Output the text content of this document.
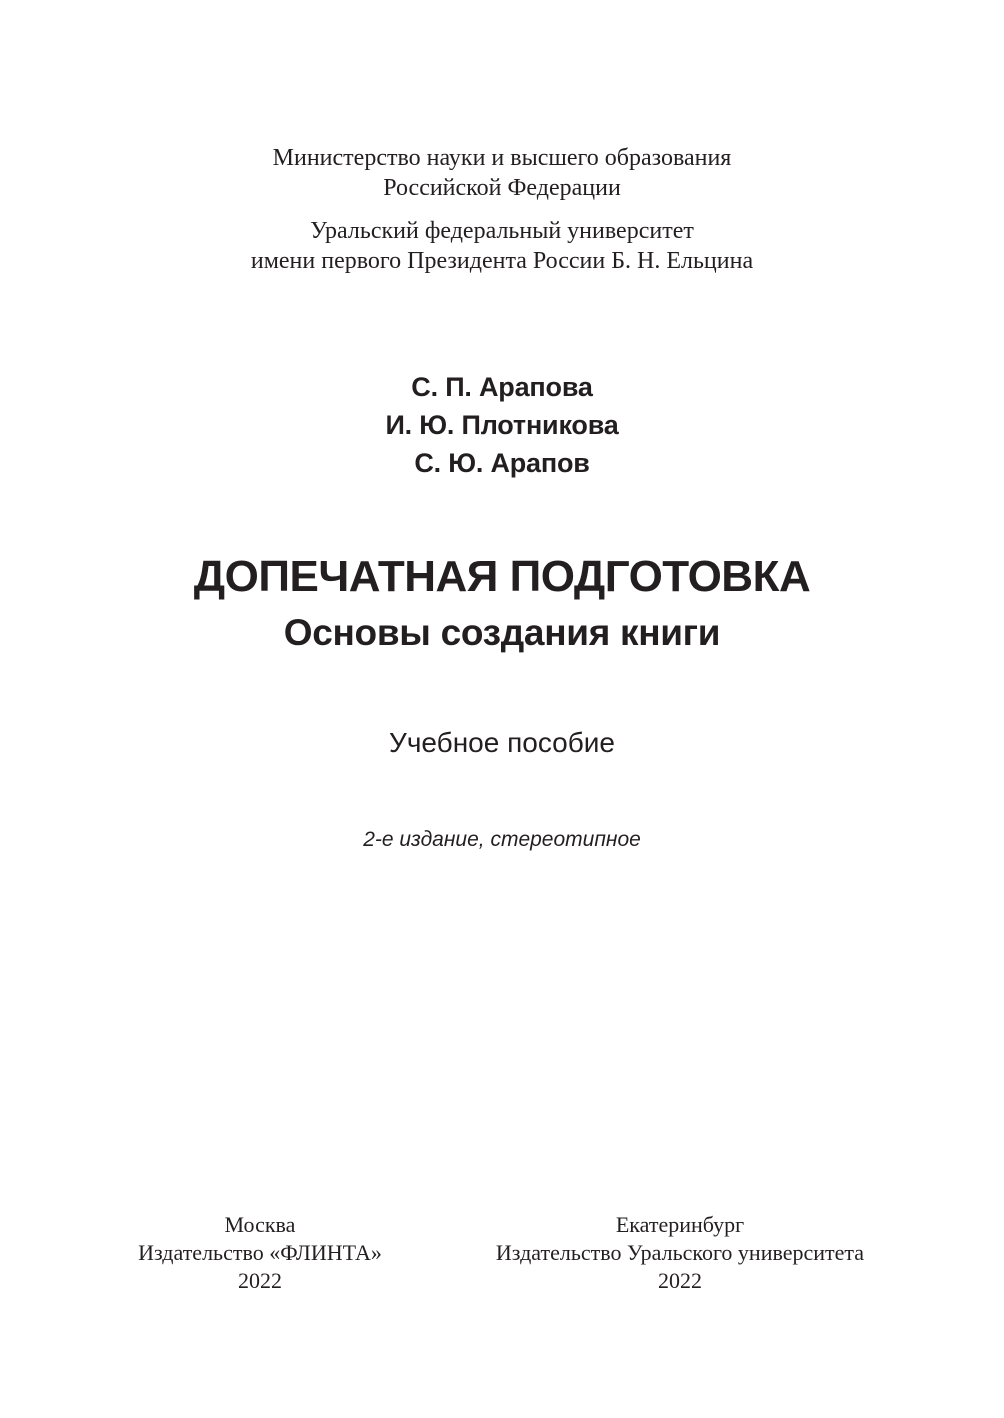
Министерство науки и высшего образования
Российской Федерации
Уральский федеральный университет
имени первого Президента России Б. Н. Ельцина
С. П. Арапова
И. Ю. Плотникова
С. Ю. Арапов
ДОПЕЧАТНАЯ ПОДГОТОВКА
Основы создания книги
Учебное пособие
2-е издание, стереотипное
Москва
Издательство «ФЛИНТА»
2022
Екатеринбург
Издательство Уральского университета
2022
